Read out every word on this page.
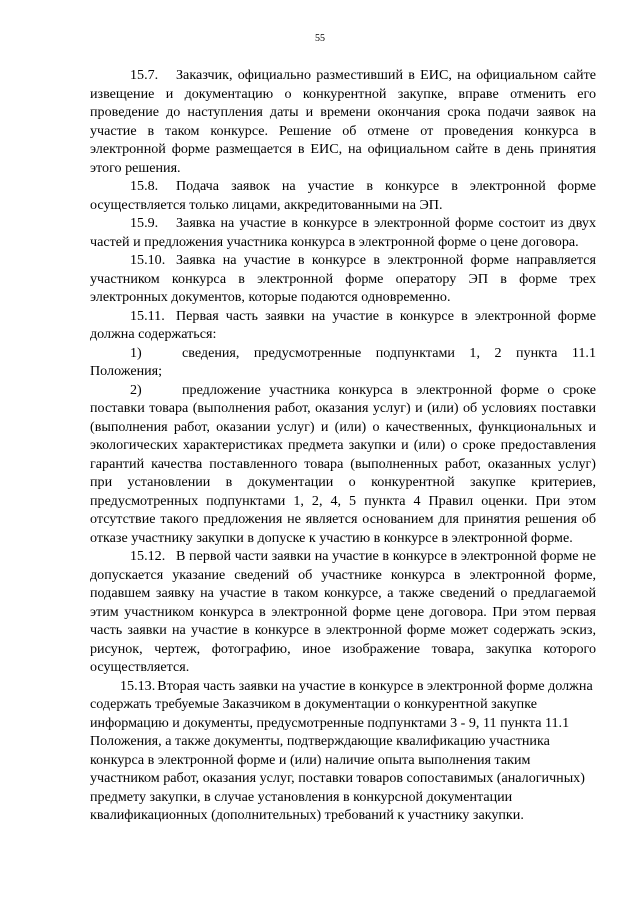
55

15.7. Заказчик, официально разместивший в ЕИС, на официальном сайте извещение и документацию о конкурентной закупке, вправе отменить его проведение до наступления даты и времени окончания срока подачи заявок на участие в таком конкурсе. Решение об отмене от проведения конкурса в электронной форме размещается в ЕИС, на официальном сайте в день принятия этого решения.

15.8. Подача заявок на участие в конкурсе в электронной форме осуществляется только лицами, аккредитованными на ЭП.

15.9. Заявка на участие в конкурсе в электронной форме состоит из двух частей и предложения участника конкурса в электронной форме о цене договора.

15.10. Заявка на участие в конкурсе в электронной форме направляется участником конкурса в электронной форме оператору ЭП в форме трех электронных документов, которые подаются одновременно.

15.11. Первая часть заявки на участие в конкурсе в электронной форме должна содержаться:

1)	сведения, предусмотренные подпунктами 1, 2 пункта 11.1 Положения;

2)	предложение участника конкурса в электронной форме о сроке поставки товара (выполнения работ, оказания услуг) и (или) об условиях поставки (выполнения работ, оказании услуг) и (или) о качественных, функциональных и экологических характеристиках предмета закупки и (или) о сроке предоставления гарантий качества поставленного товара (выполненных работ, оказанных услуг) при установлении в документации о конкурентной закупке критериев, предусмотренных подпунктами 1, 2, 4, 5 пункта 4 Правил оценки. При этом отсутствие такого предложения не является основанием для принятия решения об отказе участнику закупки в допуске к участию в конкурсе в электронной форме.

15.12. В первой части заявки на участие в конкурсе в электронной форме не допускается указание сведений об участнике конкурса в электронной форме, подавшем заявку на участие в таком конкурсе, а также сведений о предлагаемой этим участником конкурса в электронной форме цене договора. При этом первая часть заявки на участие в конкурсе в электронной форме может содержать эскиз, рисунок, чертеж, фотографию, иное изображение товара, закупка которого осуществляется.

15.13. Вторая часть заявки на участие в конкурсе в электронной форме должна содержать требуемые Заказчиком в документации о конкурентной закупке информацию и документы, предусмотренные подпунктами 3 - 9, 11 пункта 11.1 Положения, а также документы, подтверждающие квалификацию участника конкурса в электронной форме и (или) наличие опыта выполнения таким участником работ, оказания услуг, поставки товаров сопоставимых (аналогичных) предмету закупки, в случае установления в конкурсной документации квалификационных (дополнительных) требований к участнику закупки.
